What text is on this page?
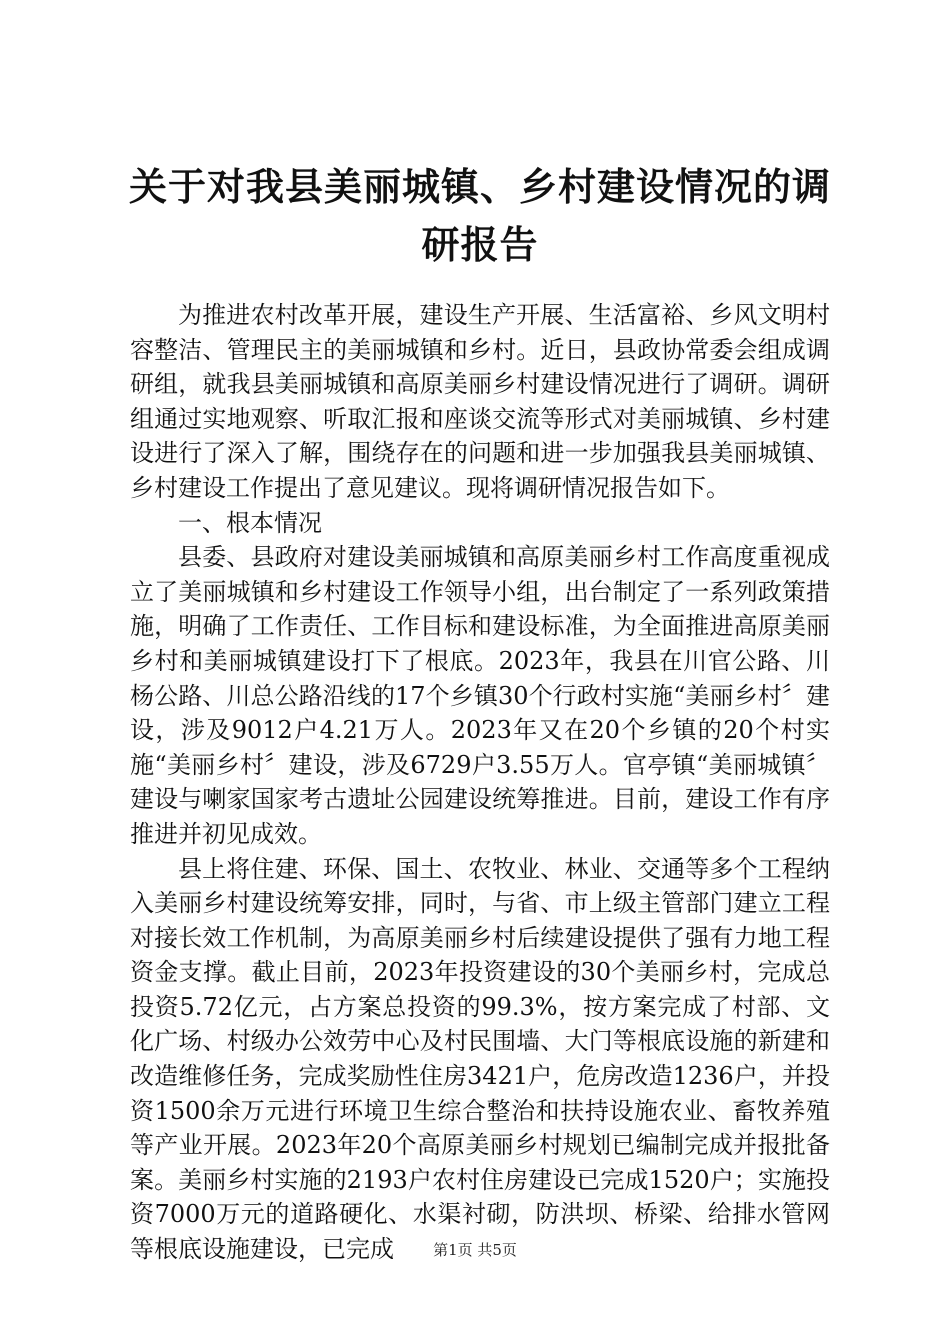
关于对我县美丽城镇、乡村建设情况的调研报告

为推进农村改革开展，建设生产开展、生活富裕、乡风文明村容整洁、管理民主的美丽城镇和乡村。近日，县政协常委会组成调研组，就我县美丽城镇和高原美丽乡村建设情况进行了调研。调研组通过实地观察、听取汇报和座谈交流等形式对美丽城镇、乡村建设进行了深入了解，围绕存在的问题和进一步加强我县美丽城镇、乡村建设工作提出了意见建议。现将调研情况报告如下。

一、根本情况

县委、县政府对建设美丽城镇和高原美丽乡村工作高度重视成立了美丽城镇和乡村建设工作领导小组，出台制定了一系列政策措施，明确了工作责任、工作目标和建设标准，为全面推进高原美丽乡村和美丽城镇建设打下了根底。2023年，我县在川官公路、川杨公路、川总公路沿线的17个乡镇30个行政村实施“美丽乡村〞建设，涉及9012户4.21万人。2023年又在20个乡镇的20个村实施“美丽乡村〞建设，涉及6729户3.55万人。官亭镇“美丽城镇〞建设与喇家国家考古遗址公园建设统筹推进。目前，建设工作有序推进并初见成效。

县上将住建、环保、国土、农牧业、林业、交通等多个工程纳入美丽乡村建设统筹安排，同时，与省、市上级主管部门建立工程对接长效工作机制，为高原美丽乡村后续建设提供了强有力地工程资金支撑。截止目前，2023年投资建设的30个美丽乡村，完成总投资5.72亿元，占方案总投资的99.3%，按方案完成了村部、文化广场、村级办公效劳中心及村民围墙、大门等根底设施的新建和改造维修任务，完成奖励性住房3421户，危房改造1236户，并投资1500余万元进行环境卫生综合整治和扶持设施农业、畜牧养殖等产业开展。2023年20个高原美丽乡村规划已编制完成并报批备案。美丽乡村实施的2193户农村住房建设已完成1520户；实施投资7000万元的道路硬化、水渠衬砌，防洪坝、桥梁、给排水管网等根底设施建设，已完成	第1页 共5页
